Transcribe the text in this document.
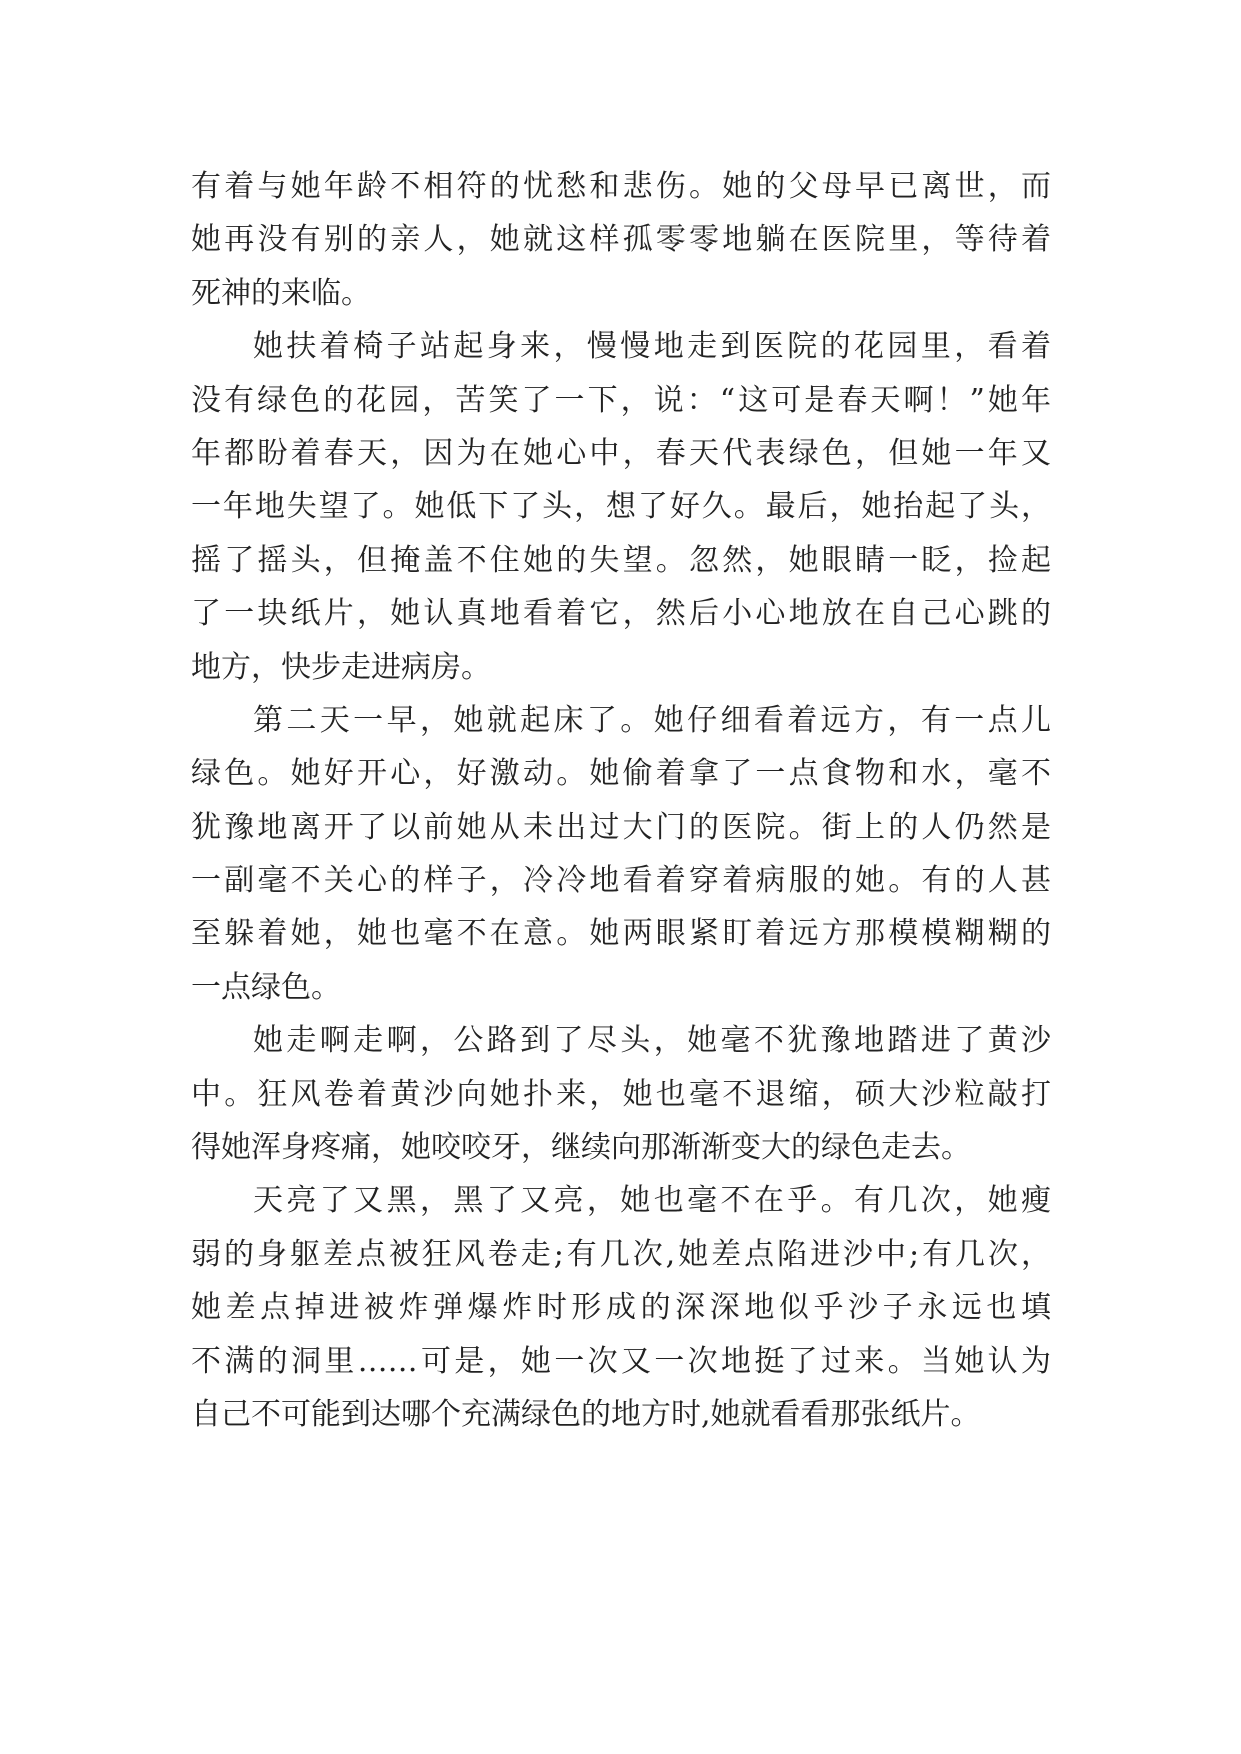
有着与她年龄不相符的忧愁和悲伤。她的父母早已离世，而
她再没有别的亲人，她就这样孤零零地躺在医院里，等待着
死神的来临。
她扶着椅子站起身来，慢慢地走到医院的花园里，看着
没有绿色的花园，苦笑了一下，说：“这可是春天啊！”她年
年都盼着春天，因为在她心中，春天代表绿色，但她一年又
一年地失望了。她低下了头，想了好久。最后，她抬起了头，
摇了摇头，但掩盖不住她的失望。忽然，她眼睛一眨，捡起
了一块纸片，她认真地看着它，然后小心地放在自己心跳的
地方，快步走进病房。
第二天一早，她就起床了。她仔细看着远方，有一点儿
绿色。她好开心，好激动。她偷着拿了一点食物和水，毫不
犹豫地离开了以前她从未出过大门的医院。街上的人仍然是
一副毫不关心的样子，冷冷地看着穿着病服的她。有的人甚
至躲着她，她也毫不在意。她两眼紧盯着远方那模模糊糊的
一点绿色。
她走啊走啊，公路到了尽头，她毫不犹豫地踏进了黄沙
中。狂风卷着黄沙向她扑来，她也毫不退缩，硕大沙粒敲打
得她浑身疼痛，她咬咬牙，继续向那渐渐变大的绿色走去。
天亮了又黑，黑了又亮，她也毫不在乎。有几次，她瘦
弱的身躯差点被狂风卷走;有几次,她差点陷进沙中;有几次，
她差点掉进被炸弹爆炸时形成的深深地似乎沙子永远也填
不满的洞里……可是，她一次又一次地挺了过来。当她认为
自己不可能到达哪个充满绿色的地方时,她就看看那张纸片。
